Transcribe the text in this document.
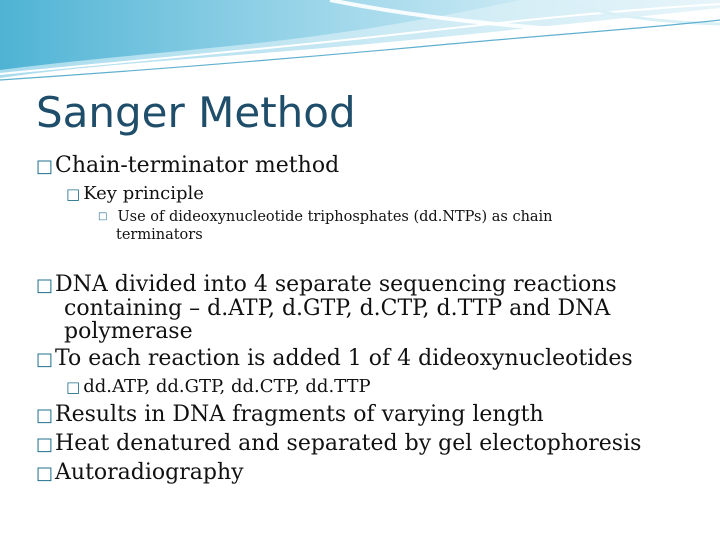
Sanger Method
□Chain-terminator method
□ Key principle
□ Use of dideoxynucleotide triphosphates (dd.NTPs) as chain
terminators
□DNA divided into 4 separate sequencing reactions
containing – d.ATP, d.GTP, d.CTP, d.TTP and DNA
polymerase
□To each reaction is added 1 of 4 dideoxynucleotides
□ dd.ATP, dd.GTP, dd.CTP, dd.TTP
□Results in DNA fragments of varying length
□Heat denatured and separated by gel electophoresis
□Autoradiography
